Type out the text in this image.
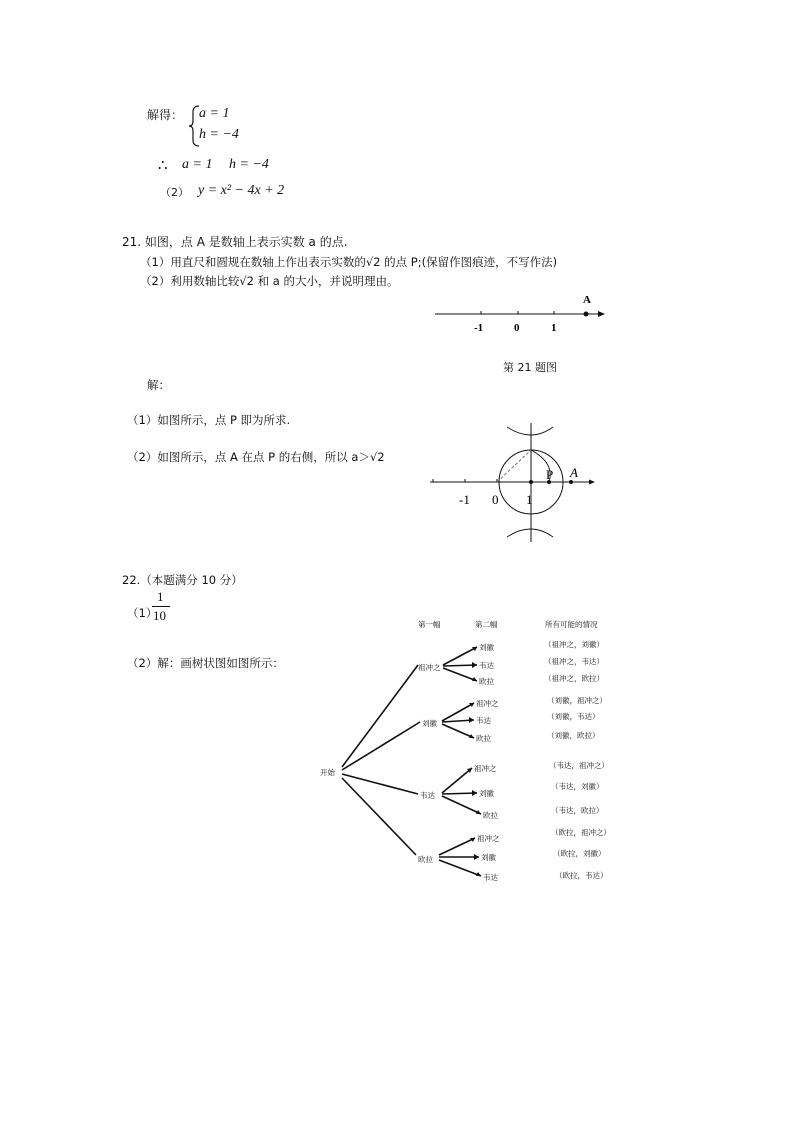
解得： a = 1
h = −4
∴ a = 1 h = −4
（2） y = x² − 4x + 2
21. 如图，点 A 是数轴上表示实数 a 的点.
（1）用直尺和圆规在数轴上作出表示实数的√2 的点 P;(保留作图痕迹，不写作法)
（2）利用数轴比较√2 和 a 的大小，并说明理由。
-1	0	1
A
第 21 题图
解：
（1）如图所示，点 P 即为所求.
（2）如图所示，点 A 在点 P 的右侧，所以 a＞√2
-1 0 1
P A
22.（本题满分 10 分）
（1）
1
10
（2）解：画树状图如图所示：
第一幅	第二幅	所有可能的情况
开始
祖冲之
刘徽
韦达
欧拉
（祖冲之，刘徽）
（祖冲之，韦达）
（祖冲之，欧拉）
刘徽
祖冲之
韦达
欧拉
（刘徽，祖冲之）
（刘徽，韦达）
（刘徽，欧拉）
韦达
祖冲之
刘徽
欧拉
（韦达，祖冲之）
（韦达，刘徽）
（韦达，欧拉）
欧拉
祖冲之
刘徽
韦达
（欧拉，祖冲之）
（欧拉，刘徽）
（欧拉，韦达）
